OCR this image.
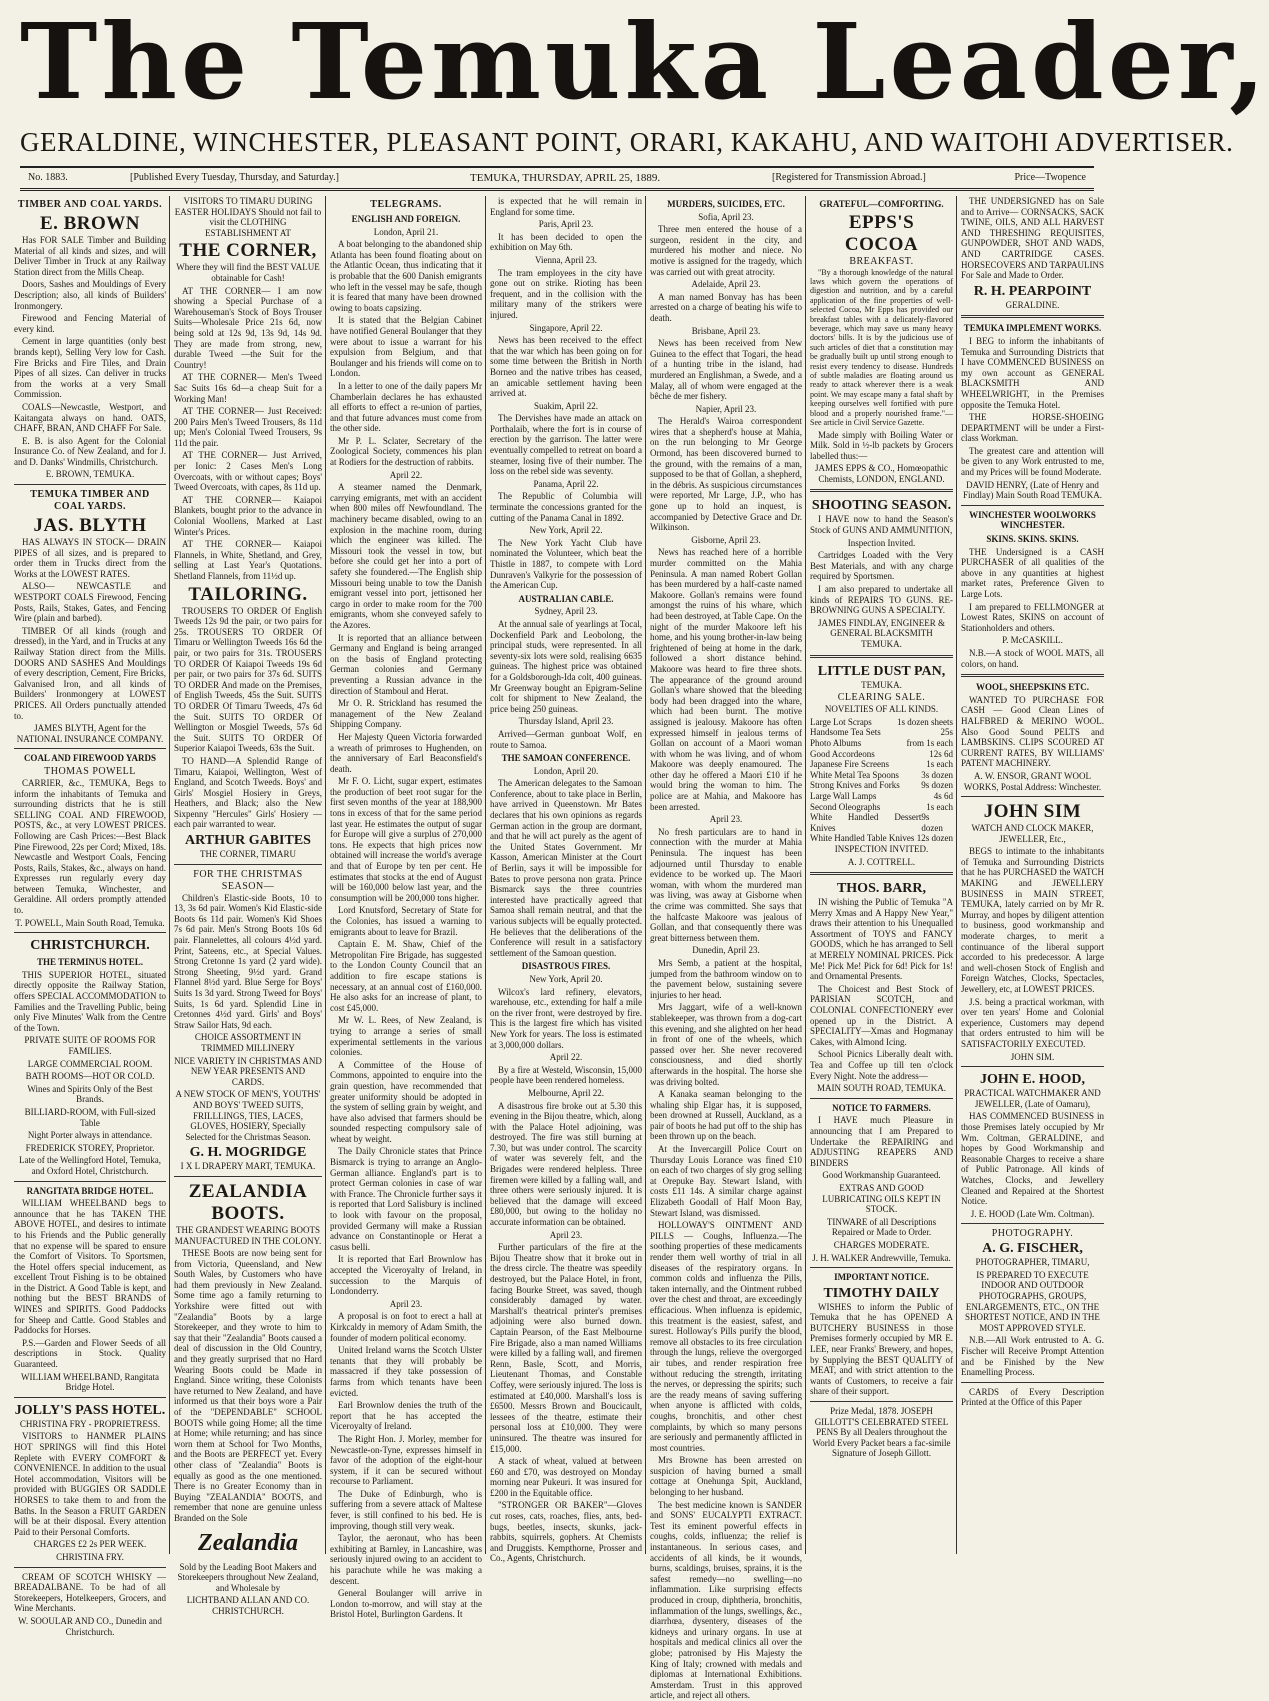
The Temuka Leader,
GERALDINE, WINCHESTER, PLEASANT POINT, ORARI, KAKAHU, AND WAITOHI ADVERTISER.
No. 1883.	[Published Every Tuesday, Thursday, and Saturday.]	TEMUKA, THURSDAY, APRIL 25, 1889.	[Registered for Transmission Abroad.]	Price—Twopence
TIMBER AND COAL YARDS.
E. BROWN

Has FOR SALE Timber and Building Material of all kinds and sizes, and will Deliver Timber in Truck at any Railway Station direct from the Mills Cheap.

Doors, Sashes and Mouldings of Every Description; also, all kinds of Builders' Ironmongery.

Firewood and Fencing Material of every kind.

Cement in large quantities (only best brands kept), Selling Very low for Cash. Fire Bricks and Fire Tiles, and Drain Pipes of all sizes. Can deliver in trucks from the works at a very Small Commission.

COALS—Newcastle, Westport, and Kaitangata always on hand. OATS, CHAFF, BRAN, AND CHAFF For Sale.

E. B. is also Agent for the Colonial Insurance Co. of New Zealand, and for J. and D. Danks' Windmills, Christchurch.

E. BROWN, TEMUKA.

TEMUKA TIMBER AND COAL YARDS.
JAS. BLYTH

HAS ALWAYS IN STOCK— DRAIN PIPES of all sizes, and is prepared to order them in Trucks direct from the Works at the LOWEST RATES.

ALSO— NEWCASTLE and WESTPORT COALS Firewood, Fencing Posts, Rails, Stakes, Gates, and Fencing Wire (plain and barbed).

TIMBER Of all kinds (rough and dressed), in the Yard, and in Trucks at any Railway Station direct from the Mills. DOORS AND SASHES And Mouldings of every description, Cement, Fire Bricks, Galvanised Iron, and all kinds of Builders' Ironmongery at LOWEST PRICES. All Orders punctually attended to.

JAMES BLYTH, Agent for the NATIONAL INSURANCE COMPANY.

COAL AND FIREWOOD YARDS
THOMAS POWELL

CARRIER, &c., TEMUKA, Begs to inform the inhabitants of Temuka and surrounding districts that he is still SELLING COAL AND FIREWOOD, POSTS, &c., at very LOWEST PRICES. Following are Cash Prices:—Best Black Pine Firewood, 22s per Cord; Mixed, 18s. Newcastle and Westport Coals, Fencing Posts, Rails, Stakes, &c., always on hand. Expresses run regularly every day between Temuka, Winchester, and Geraldine. All orders promptly attended to.

T. POWELL, Main South Road, Temuka.

CHRISTCHURCH.
THE TERMINUS HOTEL.

THIS SUPERIOR HOTEL, situated directly opposite the Railway Station, offers SPECIAL ACCOMMODATION to Families and the Travelling Public, being only Five Minutes' Walk from the Centre of the Town.

PRIVATE SUITE OF ROOMS FOR FAMILIES.

LARGE COMMERCIAL ROOM.

BATH ROOMS—HOT OR COLD.

Wines and Spirits Only of the Best Brands.

BILLIARD-ROOM, with Full-sized Table

Night Porter always in attendance.

FREDERICK STOREY, Proprietor.

Late of the Wellingford Hotel, Temuka, and Oxford Hotel, Christchurch.

RANGITATA BRIDGE HOTEL.

WILLIAM WHEELBAND begs to announce that he has TAKEN THE ABOVE HOTEL, and desires to intimate to his Friends and the Public generally that no expense will be spared to ensure the Comfort of Visitors. To Sportsmen, the Hotel offers special inducement, as excellent Trout Fishing is to be obtained in the District. A Good Table is kept, and nothing but the BEST BRANDS of WINES and SPIRITS. Good Paddocks for Sheep and Cattle. Good Stables and Paddocks for Horses.

P.S.—Garden and Flower Seeds of all descriptions in Stock. Quality Guaranteed.

WILLIAM WHEELBAND, Rangitata Bridge Hotel.

JOLLY'S PASS HOTEL.

CHRISTINA FRY - PROPRIETRESS.

VISITORS to HANMER PLAINS HOT SPRINGS will find this Hotel Replete with EVERY COMFORT & CONVENIENCE. In addition to the usual Hotel accommodation, Visitors will be provided with BUGGIES OR SADDLE HORSES to take them to and from the Baths. In the Season a FRUIT GARDEN will be at their disposal. Every attention Paid to their Personal Comforts.

CHARGES £2 2s PER WEEK.

CHRISTINA FRY.

CREAM OF SCOTCH WHISKY — BREADALBANE. To be had of all Storekeepers, Hotelkeepers, Grocers, and Wine Merchants.

W. SOOULAR AND CO., Dunedin and Christchurch.

VISITORS TO TIMARU DURING EASTER HOLIDAYS Should not fail to visit the CLOTHING ESTABLISHMENT AT

THE CORNER,

Where they will find the BEST VALUE obtainable for Cash!

AT THE CORNER— I am now showing a Special Purchase of a Warehouseman's Stock of Boys Trouser Suits—Wholesale Price 21s 6d, now being sold at 12s 9d, 13s 9d, 14s 9d. They are made from strong, new, durable Tweed —the Suit for the Country!

AT THE CORNER— Men's Tweed Sac Suits 16s 6d—a cheap Suit for a Working Man!

AT THE CORNER— Just Received: 200 Pairs Men's Tweed Trousers, 8s 11d up; Men's Colonial Tweed Trousers, 9s 11d the pair.

AT THE CORNER— Just Arrived, per Ionic: 2 Cases Men's Long Overcoats, with or without capes; Boys' Tweed Overcoats, with capes, 8s 11d up.

AT THE CORNER— Kaiapoi Blankets, bought prior to the advance in Colonial Woollens, Marked at Last Winter's Prices.

AT THE CORNER— Kaiapoi Flannels, in White, Shetland, and Grey, selling at Last Year's Quotations. Shetland Flannels, from 11½d up.

TAILORING.

TROUSERS TO ORDER Of English Tweeds 12s 9d the pair, or two pairs for 25s. TROUSERS TO ORDER Of Timaru or Wellington Tweeds 16s 6d the pair, or two pairs for 31s. TROUSERS TO ORDER Of Kaiapoi Tweeds 19s 6d per pair, or two pairs for 37s 6d. SUITS TO ORDER And made on the Premises, of English Tweeds, 45s the Suit. SUITS TO ORDER Of Timaru Tweeds, 47s 6d the Suit. SUITS TO ORDER Of Wellington or Mosgiel Tweeds, 57s 6d the Suit. SUITS TO ORDER Of Superior Kaiapoi Tweeds, 63s the Suit.

TO HAND—A Splendid Range of Timaru, Kaiapoi, Wellington, West of England, and Scotch Tweeds. Boys' and Girls' Mosgiel Hosiery in Greys, Heathers, and Black; also the New Sixpenny "Hercules" Girls' Hosiery —each pair warranted to wear.

ARTHUR GABITES

THE CORNER, TIMARU

FOR THE CHRISTMAS SEASON—

Children's Elastic-side Boots, 10 to 13, 3s 6d pair. Women's Kid Elastic-side Boots 6s 11d pair. Women's Kid Shoes 7s 6d pair. Men's Strong Boots 10s 6d pair. Flannelettes, all colours 4½d yard. Print, Sateens, etc., at Special Values. Strong Cretonne 1s yard (2 yard wide). Strong Sheeting, 9½d yard. Grand Flannel 8½d yard. Blue Serge for Boys' Suits 1s 3d yard. Strong Tweed for Boys' Suits, 1s 6d yard. Splendid Line in Cretonnes 4½d yard. Girls' and Boys' Straw Sailor Hats, 9d each.

CHOICE ASSORTMENT IN TRIMMED MILLINERY

NICE VARIETY IN CHRISTMAS AND NEW YEAR PRESENTS AND CARDS.

A NEW STOCK OF MEN'S, YOUTHS' AND BOYS' TWEED SUITS, FRILLLINGS, TIES, LACES, GLOVES, HOSIERY, Specially Selected for the Christmas Season.

G. H. MOGRIDGE

I X L DRAPERY MART, TEMUKA.

ZEALANDIA BOOTS.

THE GRANDEST WEARING BOOTS MANUFACTURED IN THE COLONY.

THESE Boots are now being sent for from Victoria, Queensland, and New South Wales, by Customers who have had them previously in New Zealand. Some time ago a family returning to Yorkshire were fitted out with "Zealandia" Boots by a large Storekeeper, and they wrote to him to say that their "Zealandia" Boots caused a deal of discussion in the Old Country, and they greatly surprised that no Hard Wearing Boots could be Made in England. Since writing, these Colonists have returned to New Zealand, and have informed us that their boys wore a Pair of the "DEPENDABLE" SCHOOL BOOTS while going Home; all the time at Home; while returning; and has since worn them at School for Two Months, and the Boots are PERFECT yet. Every other class of "Zealandia" Boots is equally as good as the one mentioned. There is no Greater Economy than in Buying "ZEALANDIA" BOOTS, and remember that none are genuine unless Branded on the Sole

Zealandia

Sold by the Leading Boot Makers and Storekeepers throughout New Zealand, and Wholesale by

LICHTBAND ALLAN AND CO. CHRISTCHURCH.

TELEGRAMS.
ENGLISH AND FOREIGN.

London, April 21.

A boat belonging to the abandoned ship Atlanta has been found floating about on the Atlantic Ocean, thus indicating that it is probable that the 600 Danish emigrants who left in the vessel may be safe, though it is feared that many have been drowned owing to boats capsizing.

It is stated that the Belgian Cabinet have notified General Boulanger that they were about to issue a warrant for his expulsion from Belgium, and that Boulanger and his friends will come on to London.

In a letter to one of the daily papers Mr Chamberlain declares he has exhausted all efforts to effect a re-union of parties, and that future advances must come from the other side.

Mr P. L. Sclater, Secretary of the Zoological Society, commences his plan at Rodiers for the destruction of rabbits.

April 22.

A steamer named the Denmark, carrying emigrants, met with an accident when 800 miles off Newfoundland. The machinery became disabled, owing to an explosion in the machine room, during which the engineer was killed. The Missouri took the vessel in tow, but before she could get her into a port of safety she foundered.—The English ship Missouri being unable to tow the Danish emigrant vessel into port, jettisoned her cargo in order to make room for the 700 emigrants, whom she conveyed safely to the Azores.

It is reported that an alliance between Germany and England is being arranged on the basis of England protecting German colonies and Germany preventing a Russian advance in the direction of Stamboul and Herat.

Mr O. R. Strickland has resumed the management of the New Zealand Shipping Company.

Her Majesty Queen Victoria forwarded a wreath of primroses to Hughenden, on the anniversary of Earl Beaconsfield's death.

Mr F. O. Licht, sugar expert, estimates the production of beet root sugar for the first seven months of the year at 188,900 tons in excess of that for the same period last year. He estimates the output of sugar for Europe will give a surplus of 270,000 tons. He expects that high prices now obtained will increase the world's average and that of Europe by ten per cent. He estimates that stocks at the end of August will be 160,000 below last year, and the consumption will be 200,000 tons higher.

Lord Knutsford, Secretary of State for the Colonies, has issued a warning to emigrants about to leave for Brazil.

Captain E. M. Shaw, Chief of the Metropolitan Fire Brigade, has suggested to the London County Council that an addition to fire escape stations is necessary, at an annual cost of £160,000. He also asks for an increase of plant, to cost £45,000.

Mr W. L. Rees, of New Zealand, is trying to arrange a series of small experimental settlements in the various colonies.

A Committee of the House of Commons, appointed to enquire into the grain question, have recommended that greater uniformity should be adopted in the system of selling grain by weight, and have also advised that farmers should be sounded respecting compulsory sale of wheat by weight.

The Daily Chronicle states that Prince Bismarck is trying to arrange an Anglo-German alliance. England's part is to protect German colonies in case of war with France. The Chronicle further says it is reported that Lord Salisbury is inclined to look with favour on the proposal, provided Germany will make a Russian advance on Constantinople or Herat a casus belli.

It is reported that Earl Brownlow has accepted the Viceroyalty of Ireland, in succession to the Marquis of Londonderry.

April 23.

A proposal is on foot to erect a hall at Kirkcaldy in memory of Adam Smith, the founder of modern political economy.

United Ireland warns the Scotch Ulster tenants that they will probably be massacred if they take possession of farms from which tenants have been evicted.

Earl Brownlow denies the truth of the report that he has accepted the Viceroyalty of Ireland.

The Right Hon. J. Morley, member for Newcastle-on-Tyne, expresses himself in favor of the adoption of the eight-hour system, if it can be secured without recourse to Parliament.

The Duke of Edinburgh, who is suffering from a severe attack of Maltese fever, is still confined to his bed. He is improving, though still very weak.

Taylor, the aeronaut, who has been exhibiting at Barnley, in Lancashire, was seriously injured owing to an accident to his parachute while he was making a descent.

General Boulanger will arrive in London to-morrow, and will stay at the Bristol Hotel, Burlington Gardens. It

is expected that he will remain in England for some time.

Paris, April 23.

It has been decided to open the exhibition on May 6th.

Vienna, April 23.

The tram employees in the city have gone out on strike. Rioting has been frequent, and in the collision with the military many of the strikers were injured.

Singapore, April 22.

News has been received to the effect that the war which has been going on for some time between the British in North Borneo and the native tribes has ceased, an amicable settlement having been arrived at.

Suakim, April 22.

The Dervishes have made an attack on Porthalaib, where the fort is in course of erection by the garrison. The latter were eventually compelled to retreat on board a steamer, losing five of their number. The loss on the rebel side was seventy.

Panama, April 22.

The Republic of Columbia will terminate the concessions granted for the cutting of the Panama Canal in 1892.

New York, April 22.

The New York Yacht Club have nominated the Volunteer, which beat the Thistle in 1887, to compete with Lord Dunraven's Valkyrie for the possession of the American Cup.

AUSTRALIAN CABLE.

Sydney, April 23.

At the annual sale of yearlings at Tocal, Dockenfield Park and Leobolong, the principal studs, were represented. In all seventy-six lots were sold, realising 6635 guineas. The highest price was obtained for a Goldsborough-Ida colt, 400 guineas. Mr Greenway bought an Epigram-Seline colt for shipment to New Zealand, the price being 250 guineas.

Thursday Island, April 23.

Arrived—German gunboat Wolf, en route to Samoa.

THE SAMOAN CONFERENCE.

London, April 20.

The American delegates to the Samoan Conference, about to take place in Berlin, have arrived in Queenstown. Mr Bates declares that his own opinions as regards German action in the group are dormant, and that he will act purely as the agent of the United States Government. Mr Kasson, American Minister at the Court of Berlin, says it will be impossible for Bates to prove persona non grata. Prince Bismarck says the three countries interested have practically agreed that Samoa shall remain neutral, and that the various subjects will be equally protected. He believes that the deliberations of the Conference will result in a satisfactory settlement of the Samoan question.

DISASTROUS FIRES.

New York, April 20.

Wilcox's lard refinery, elevators, warehouse, etc., extending for half a mile on the river front, were destroyed by fire. This is the largest fire which has visited New York for years. The loss is estimated at 3,000,000 dollars.

April 22.

By a fire at Westeld, Wisconsin, 15,000 people have been rendered homeless.

Melbourne, April 22.

A disastrous fire broke out at 5.30 this evening in the Bijou theatre, which, along with the Palace Hotel adjoining, was destroyed. The fire was still burning at 7.30, but was under control. The scarcity of water was severely felt, and the Brigades were rendered helpless. Three firemen were killed by a falling wall, and three others were seriously injured. It is believed that the damage will exceed £80,000, but owing to the holiday no accurate information can be obtained.

April 23.

Further particulars of the fire at the Bijou Theatre show that it broke out in the dress circle. The theatre was speedily destroyed, but the Palace Hotel, in front, facing Bourke Street, was saved, though considerably damaged by water. Marshall's theatrical printer's premises adjoining were also burned down. Captain Pearson, of the East Melbourne Fire Brigade, also a man named Williams were killed by a falling wall, and firemen Renn, Basle, Scott, and Morris, Lieutenant Thomas, and Constable Coffey, were seriously injured. The loss is estimated at £40,000. Marshall's loss is £6500. Messrs Brown and Boucicault, lessees of the theatre, estimate their personal loss at £10,000. They were uninsured. The theatre was insured for £15,000.

A stack of wheat, valued at between £60 and £70, was destroyed on Monday morning near Pukeuri. It was insured for £200 in the Equitable office.

"STRONGER OR BAKER"—Gloves cut roses, cats, roaches, flies, ants, bed-bugs, beetles, insects, skunks, jack-rabbits, squirrels, gophers. At Chemists and Druggists. Kempthorne, Prosser and Co., Agents, Christchurch.

MURDERS, SUICIDES, ETC.

Sofia, April 23.

Three men entered the house of a surgeon, resident in the city, and murdered his mother and niece. No motive is assigned for the tragedy, which was carried out with great atrocity.

Adelaide, April 23.

A man named Bonvay has has been arrested on a charge of beating his wife to death.

Brisbane, April 23.

News has been received from New Guinea to the effect that Togari, the head of a hunting tribe in the island, had murdered an Englishman, a Swede, and a Malay, all of whom were engaged at the bêche de mer fishery.

Napier, April 23.

The Herald's Wairoa correspondent wires that a shepherd's house at Mahia, on the run belonging to Mr George Ormond, has been discovered burned to the ground, with the remains of a man, supposed to be that of Gollan, a shepherd, in the débris. As suspicious circumstances were reported, Mr Large, J.P., who has gone up to hold an inquest, is accompanied by Detective Grace and Dr. Wilkinson.

Gisborne, April 23.

News has reached here of a horrible murder committed on the Mahia Peninsula. A man named Robert Gollan has been murdered by a half-caste named Makoore. Gollan's remains were found amongst the ruins of his whare, which had been destroyed, at Table Cape. On the night of the murder Makoore left his home, and his young brother-in-law being frightened of being at home in the dark, followed a short distance behind. Makoore was heard to fire three shots. The appearance of the ground around Gollan's whare showed that the bleeding body had been dragged into the whare, which had been burnt. The motive assigned is jealousy. Makoore has often expressed himself in jealous terms of Gollan on account of a Maori woman with whom he was living, and of whom Makoore was deeply enamoured. The other day he offered a Maori £10 if he would bring the woman to him. The police are at Mahia, and Makoore has been arrested.

April 23.

No fresh particulars are to hand in connection with the murder at Mahia Peninsula. The inquest has been adjourned until Thursday to enable evidence to be worked up. The Maori woman, with whom the murdered man was living, was away at Gisborne when the crime was committed. She says that the halfcaste Makoore was jealous of Gollan, and that consequently there was great bitterness between them.

Dunedin, April 23.

Mrs Semb, a patient at the hospital, jumped from the bathroom window on to the pavement below, sustaining severe injuries to her head.

Mrs Jaggart, wife of a well-known stablekeeper, was thrown from a dog-cart this evening, and she alighted on her head in front of one of the wheels, which passed over her. She never recovered consciousness, and died shortly afterwards in the hospital. The horse she was driving bolted.

A Kanaka seaman belonging to the whaling ship Elgar has, it is supposed, been drowned at Russell, Auckland, as a pair of boots he had put off to the ship has been thrown up on the beach.

At the Invercargill Police Court on Thursday Louis Lorance was fined £10 on each of two charges of sly grog selling at Orepuke Bay. Stewart Island, with costs £11 14s. A similar charge against Elizabeth Goodall of Half Moon Bay, Stewart Island, was dismissed.

HOLLOWAY'S OINTMENT AND PILLS — Coughs, Influenza.—The soothing properties of these medicaments render them well worthy of trial in all diseases of the respiratory organs. In common colds and influenza the Pills, taken internally, and the Ointment rubbed over the chest and throat, are exceedingly efficacious. When influenza is epidemic, this treatment is the easiest, safest, and surest. Holloway's Pills purify the blood, remove all obstacles to its free circulation through the lungs, relieve the overgorged air tubes, and render respiration free without reducing the strength, irritating the nerves, or depressing the spirits; such are the ready means of saving suffering when anyone is afflicted with colds, coughs, bronchitis, and other chest complaints, by which so many persons are seriously and permanently afflicted in most countries.

Mrs Browne has been arrested on suspicion of having burned a small cottage at Onehunga Spit, Auckland, belonging to her husband.

The best medicine known is SANDER and SONS' EUCALYPTI EXTRACT. Test its eminent powerful effects in coughs, colds, influenza; the relief is instantaneous. In serious cases, and accidents of all kinds, be it wounds, burns, scaldings, bruises, sprains, it is the safest remedy—no swelling—no inflammation. Like surprising effects produced in croup, diphtheria, bronchitis, inflammation of the lungs, swellings, &c., diarrhœa, dysentery, diseases of the kidneys and urinary organs. In use at hospitals and medical clinics all over the globe; patronised by His Majesty the King of Italy; crowned with medals and diplomas at International Exhibitions. Amsterdam. Trust in this approved article, and reject all others.

GRATEFUL—COMFORTING.
EPPS'S COCOA
BREAKFAST.

"By a thorough knowledge of the natural laws which govern the operations of digestion and nutrition, and by a careful application of the fine properties of well-selected Cocoa, Mr Epps has provided our breakfast tables with a delicately-flavored beverage, which may save us many heavy doctors' bills. It is by the judicious use of such articles of diet that a constitution may be gradually built up until strong enough to resist every tendency to disease. Hundreds of subtle maladies are floating around us ready to attack wherever there is a weak point. We may escape many a fatal shaft by keeping ourselves well fortified with pure blood and a properly nourished frame."—See article in Civil Service Gazette.

Made simply with Boiling Water or Milk. Sold in ½-lb packets by Grocers labelled thus:—

JAMES EPPS & CO., Homœopathic Chemists, LONDON, ENGLAND.

SHOOTING SEASON.

I HAVE now to hand the Season's Stock of GUNS AND AMMUNITION,

Inspection Invited.

Cartridges Loaded with the Very Best Materials, and with any charge required by Sportsmen.

I am also prepared to undertake all kinds of REPAIRS TO GUNS. RE-BROWNING GUNS A SPECIALTY.

JAMES FINDLAY, ENGINEER & GENERAL BLACKSMITH TEMUKA.

LITTLE DUST PAN,

TEMUKA.

CLEARING SALE.

NOVELTIES OF ALL KINDS.

Large Lot Scraps	1s dozen sheets
Handsome Tea Sets	25s
Photo Albums	from 1s each
Good Accordeons	12s 6d
Japanese Fire Screens	1s each
White Metal Tea Spoons 3s dozen
Strong Knives and Forks 9s dozen
Large Wall Lamps	4s 6d
Second Oleographs	1s each
White Handled Dessert Knives
9s dozen
White Handled Table Knives 12s dozen

INSPECTION INVITED.

A. J. COTTRELL.

THOS. BARR,

IN wishing the Public of Temuka "A Merry Xmas and A Happy New Year," draws their attention to his Unequalled Assortment of TOYS and FANCY GOODS, which he has arranged to Sell at MERELY NOMINAL PRICES. Pick Me! Pick Me! Pick for 6d! Pick for 1s! and Ornamental Presents.

The Choicest and Best Stock of PARISIAN SCOTCH, and COLONIAL CONFECTIONERY ever opened up in the District. A SPECIALITY—Xmas and Hogmanay Cakes, with Almond Icing.

School Picnics Liberally dealt with. Tea and Coffee up till ten o'clock Every Night. Note the address—

MAIN SOUTH ROAD, TEMUKA.

NOTICE TO FARMERS.

I HAVE much Pleasure in announcing that I am Prepared to Undertake the REPAIRING and ADJUSTING REAPERS AND BINDERS

Good Workmanship Guaranteed.

EXTRAS AND GOOD LUBRICATING OILS KEPT IN STOCK.

TINWARE of all Descriptions Repaired or Made to Order.

CHARGES MODERATE.

J. H. WALKER Andrewville, Temuka.

IMPORTANT NOTICE.
TIMOTHY DAILY

WISHES to inform the Public of Temuka that he has OPENED A BUTCHERY BUSINESS in those Premises formerly occupied by MR E. LEE, near Franks' Brewery, and hopes, by Supplying the BEST QUALITY of MEAT, and with strict attention to the wants of Customers, to receive a fair share of their support.

Prize Medal, 1878. JOSEPH GILLOTT'S CELEBRATED STEEL PENS By all Dealers throughout the World Every Packet bears a fac-simile Signature of Joseph Gillott.

THE UNDERSIGNED has on Sale and to Arrive— CORNSACKS, SACK TWINE, OILS, AND ALL HARVEST AND THRESHING REQUISITES, GUNPOWDER, SHOT AND WADS, AND CARTRIDGE CASES. HORSECOVERS AND TARPAULINS For Sale and Made to Order.

R. H. PEARPOINT

GERALDINE.

TEMUKA IMPLEMENT WORKS.

I BEG to inform the inhabitants of Temuka and Surrounding Districts that I have COMMENCED BUSINESS on my own account as GENERAL BLACKSMITH AND WHEELWRIGHT, in the Premises opposite the Temuka Hotel.

THE HORSE-SHOEING DEPARTMENT will be under a First-class Workman.

The greatest care and attention will be given to any Work entrusted to me, and my Prices will be found Moderate.

DAVID HENRY, (Late of Henry and Findlay) Main South Road TEMUKA.

WINCHESTER WOOLWORKS WINCHESTER.
SKINS. SKINS. SKINS.

THE Undersigned is a CASH PURCHASER of all qualities of the above in any quantities at highest market rates, Preference Given to Large Lots.

I am prepared to FELLMONGER at Lowest Rates, SKINS on account of Stationholders and others.

P. McCASKILL.

N.B.—A stock of WOOL MATS, all colors, on hand.

WOOL, SHEEPSKINS ETC.

WANTED TO PURCHASE FOR CASH — Good Clean Lines of HALFBRED & MERINO WOOL. Also Good Sound PELTS and LAMBSKINS. CLIPS SCOURED AT CURRENT RATES, BY WILLIAMS' PATENT MACHINERY.

A. W. ENSOR, GRANT WOOL WORKS, Postal Address: Winchester.

JOHN SIM

WATCH AND CLOCK MAKER, JEWELLER, Etc.,

BEGS to intimate to the inhabitants of Temuka and Surrounding Districts that he has PURCHASED the WATCH MAKING and JEWELLERY BUSINESS in MAIN STREET, TEMUKA, lately carried on by Mr R. Murray, and hopes by diligent attention to business, good workmanship and moderate charges, to merit a continuance of the liberal support accorded to his predecessor. A large and well-chosen Stock of English and Foreign Watches, Clocks, Spectacles, Jewellery, etc, at LOWEST PRICES.

J.S. being a practical workman, with over ten years' Home and Colonial experience, Customers may depend that orders entrusted to him will be SATISFACTORILY EXECUTED.

JOHN SIM.

JOHN E. HOOD,

PRACTICAL WATCHMAKER AND JEWELLER, (Late of Oamaru),

HAS COMMENCED BUSINESS in those Premises lately occupied by Mr Wm. Coltman, GERALDINE, and hopes by Good Workmanship and Reasonable Charges to receive a share of Public Patronage. All kinds of Watches, Clocks, and Jewellery Cleaned and Repaired at the Shortest Notice.

J. E. HOOD (Late Wm. Coltman).

PHOTOGRAPHY.
A. G. FISCHER,

PHOTOGRAPHER, TIMARU,

IS PREPARED TO EXECUTE INDOOR AND OUTDOOR PHOTOGRAPHS, GROUPS, ENLARGEMENTS, ETC., ON THE SHORTEST NOTICE, AND IN THE MOST APPROVED STYLE.

N.B.—All Work entrusted to A. G. Fischer will Receive Prompt Attention and be Finished by the New Enamelling Process.

CARDS of Every Description Printed at the Office of this Paper
